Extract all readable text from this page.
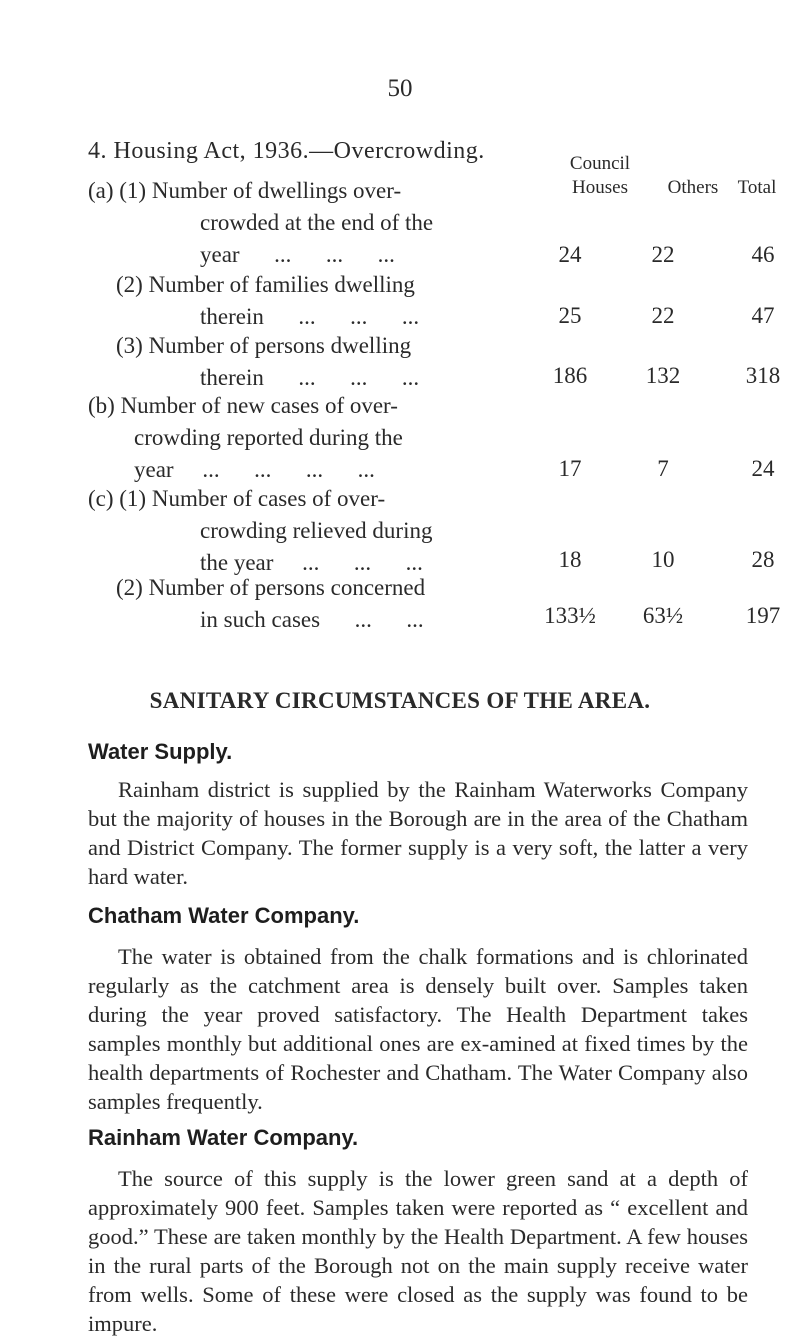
50
4. Housing Act, 1936.—Overcrowding.	Council
Houses	Others	Total
(a) (1) Number of dwellings over-
crowded at the end of the
year   ...   ...   ...	24	22	46
(2) Number of families dwelling
therein   ...   ...   ...	25	22	47
(3) Number of persons dwelling
therein   ...   ...   ...	186	132	318
(b) Number of new cases of over-
crowding reported during the
year  ...   ...   ...   ...	17	7	24
(c) (1) Number of cases of over-
crowding relieved during
the year  ...   ...   ...	18	10	28
(2) Number of persons concerned
in such cases   ...   ...	133½	63½	197
SANITARY CIRCUMSTANCES OF THE AREA.
Water Supply.
Rainham district is supplied by the Rainham Waterworks Company but the majority of houses in the Borough are in the area of the Chatham and District Company. The former supply is a very soft, the latter a very hard water.
Chatham Water Company.
The water is obtained from the chalk formations and is chlorinated regularly as the catchment area is densely built over. Samples taken during the year proved satisfactory. The Health Department takes samples monthly but additional ones are ex-amined at fixed times by the health departments of Rochester and Chatham. The Water Company also samples frequently.
Rainham Water Company.
The source of this supply is the lower green sand at a depth of approximately 900 feet. Samples taken were reported as “ excellent and good.” These are taken monthly by the Health Department. A few houses in the rural parts of the Borough not on the main supply receive water from wells. Some of these were closed as the supply was found to be impure.
